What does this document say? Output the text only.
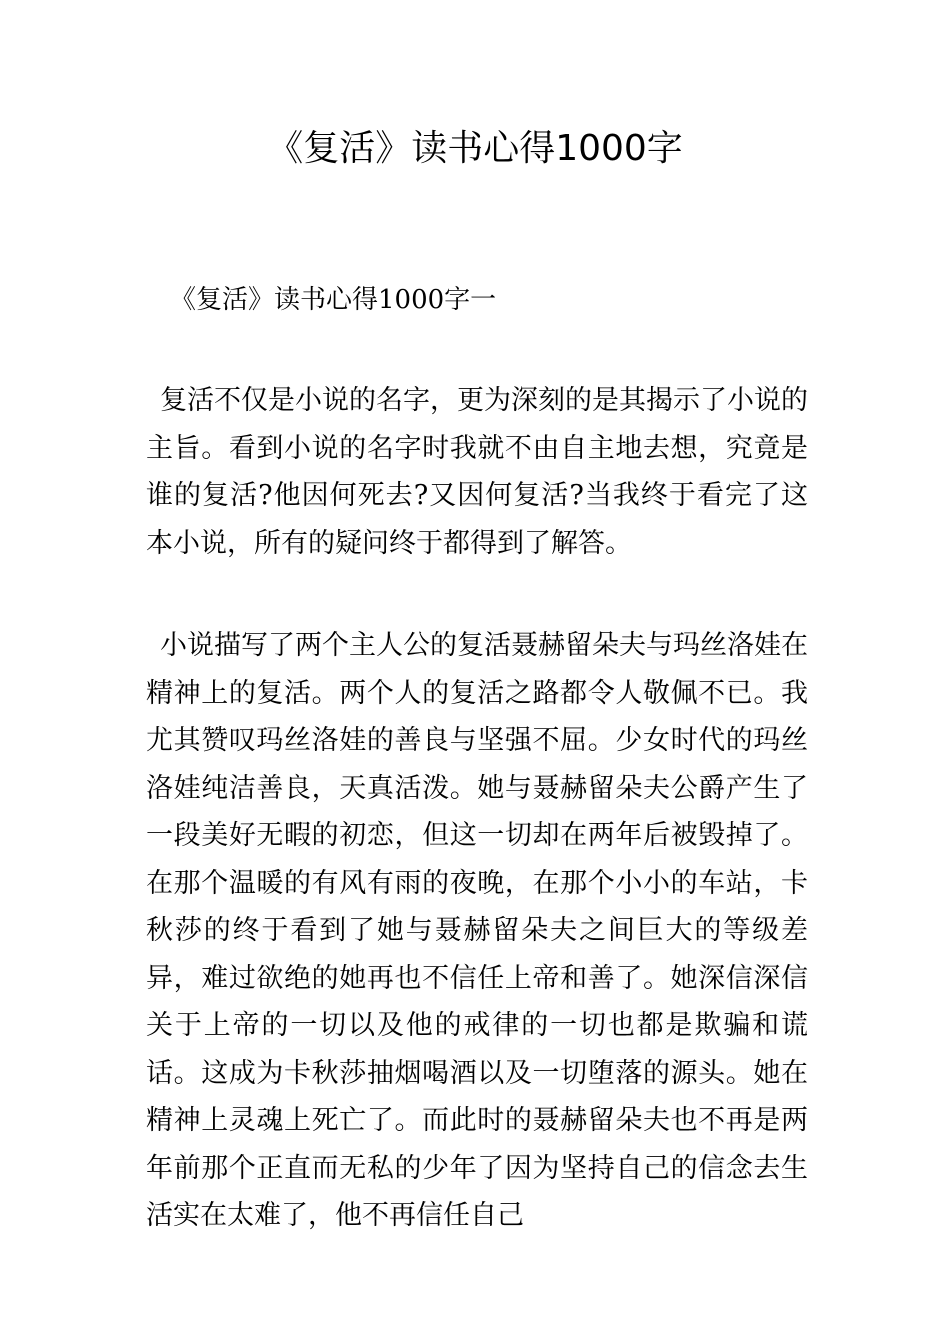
《复活》读书心得1000字
《复活》读书心得1000字一

复活不仅是小说的名字，更为深刻的是其揭示了小说的主旨。看到小说的名字时我就不由自主地去想，究竟是谁的复活?他因何死去?又因何复活?当我终于看完了这本小说，所有的疑问终于都得到了解答。

小说描写了两个主人公的复活聂赫留朵夫与玛丝洛娃在精神上的复活。两个人的复活之路都令人敬佩不已。我尤其赞叹玛丝洛娃的善良与坚强不屈。少女时代的玛丝洛娃纯洁善良，天真活泼。她与聂赫留朵夫公爵产生了一段美好无暇的初恋，但这一切却在两年后被毁掉了。在那个温暖的有风有雨的夜晚，在那个小小的车站，卡秋莎的终于看到了她与聂赫留朵夫之间巨大的等级差异，难过欲绝的她再也不信任上帝和善了。她深信深信关于上帝的一切以及他的戒律的一切也都是欺骗和谎话。这成为卡秋莎抽烟喝酒以及一切堕落的源头。她在精神上灵魂上死亡了。而此时的聂赫留朵夫也不再是两年前那个正直而无私的少年了因为坚持自己的信念去生活实在太难了，他不再信任自己
